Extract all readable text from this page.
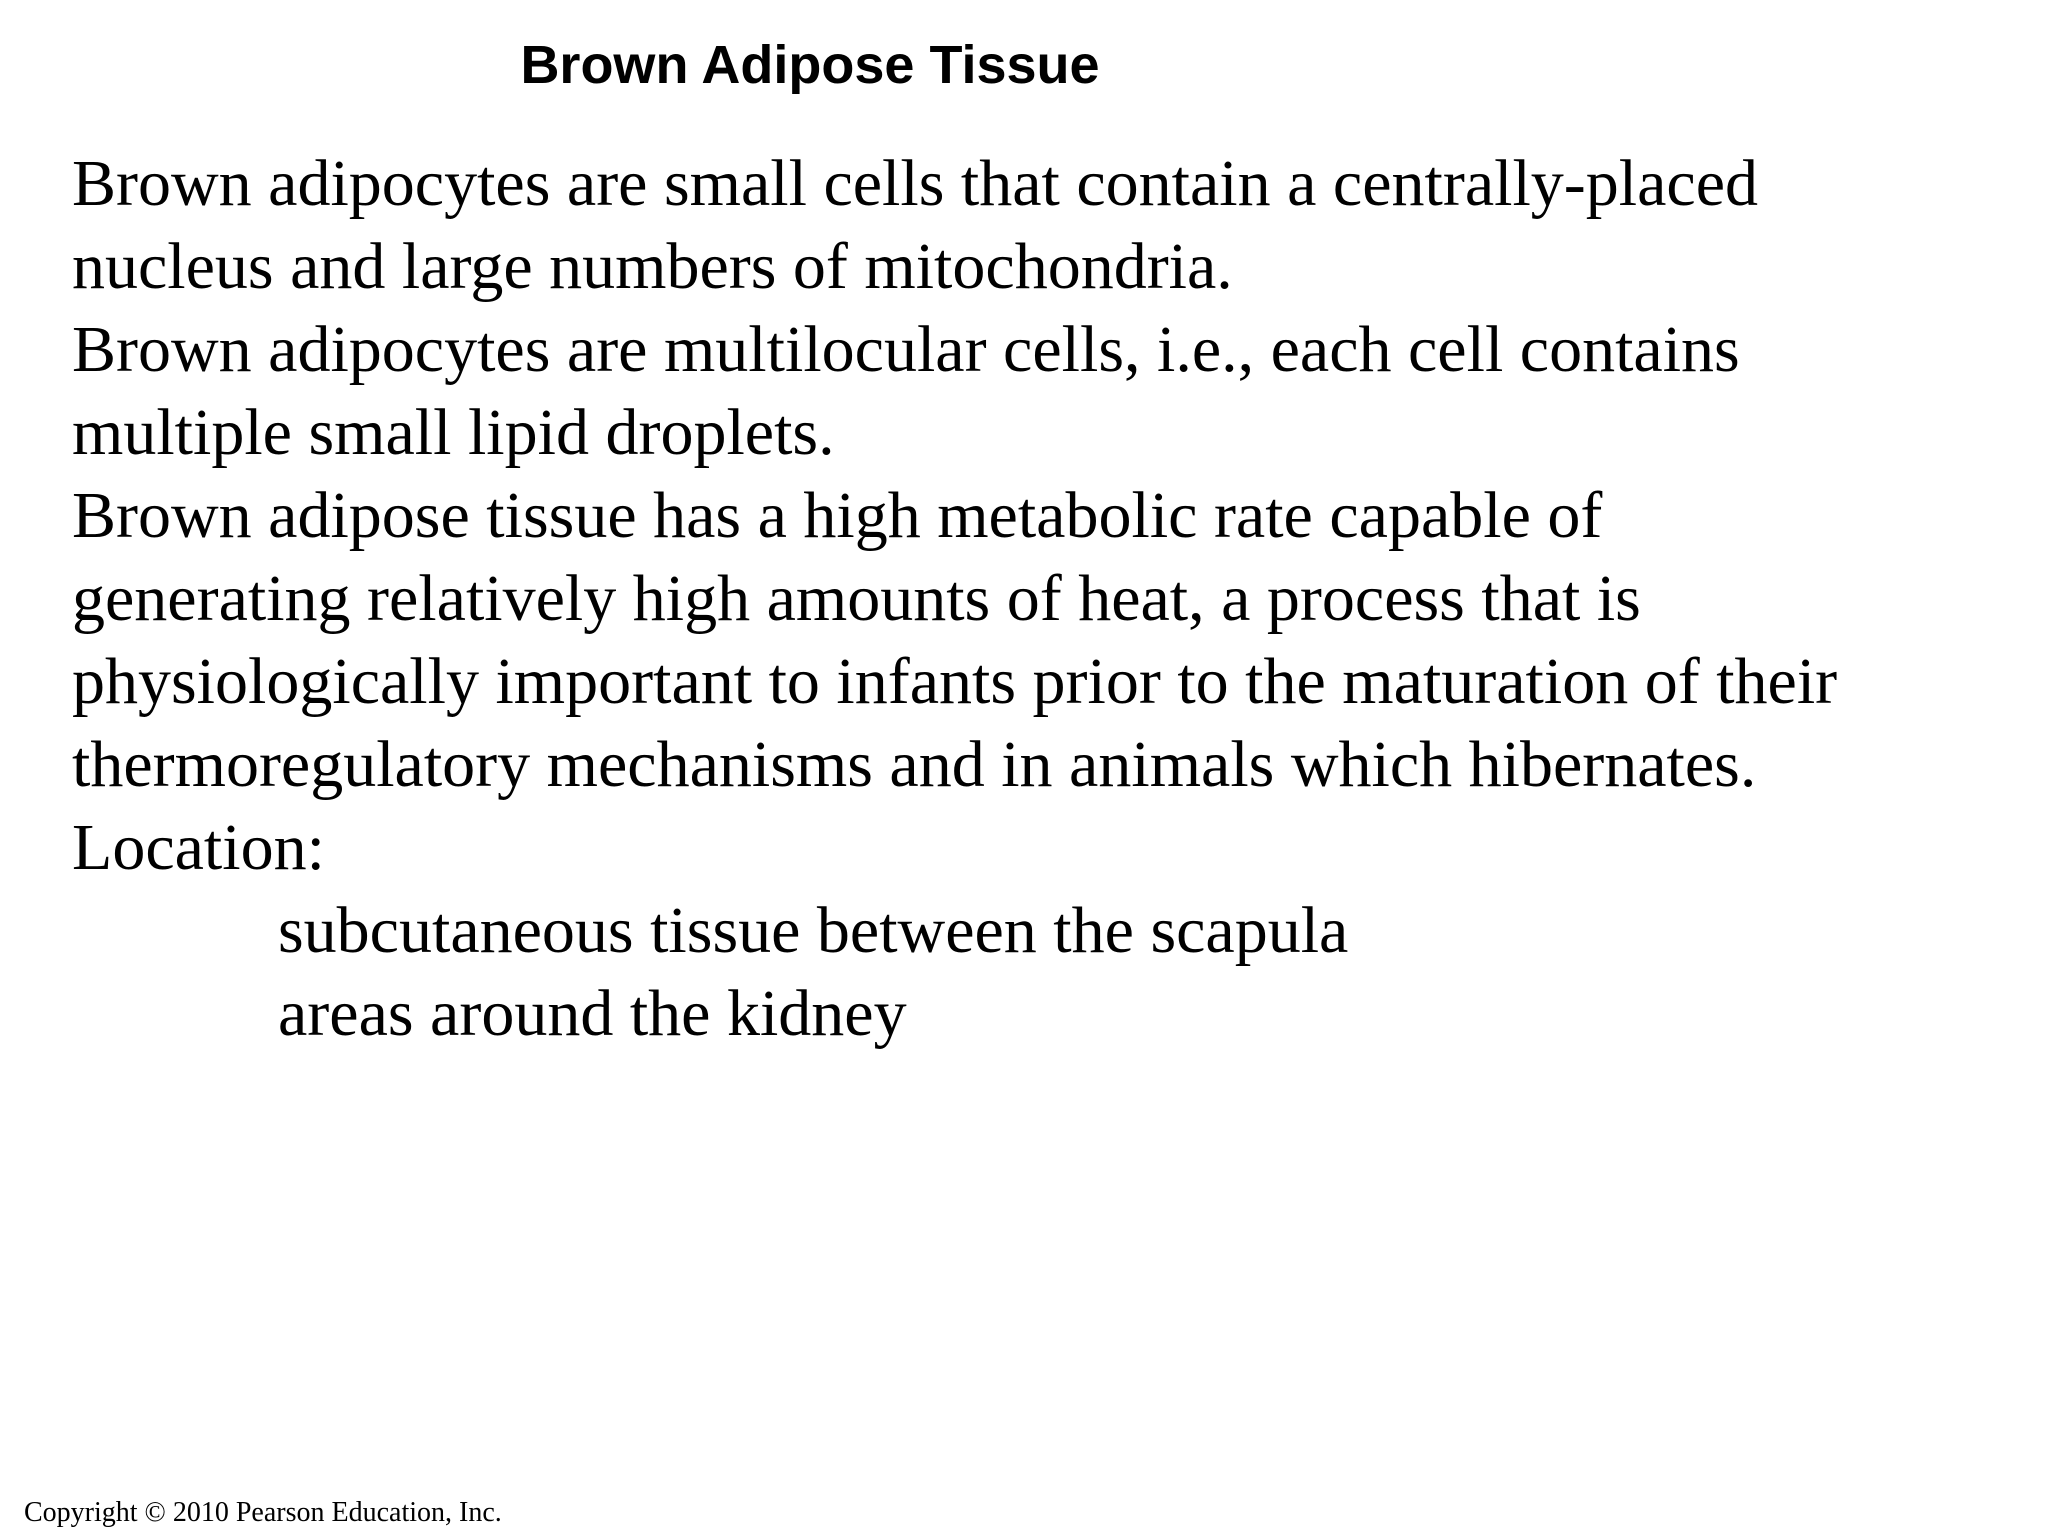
Brown Adipose Tissue
Brown adipocytes are small cells that contain a centrally-placed
nucleus and large numbers of mitochondria.
Brown adipocytes are multilocular cells, i.e., each cell contains
multiple small lipid droplets.
Brown adipose tissue has a high metabolic rate capable of
generating relatively high amounts of heat, a process that is
physiologically important to infants prior to the maturation of their
thermoregulatory mechanisms and in animals which hibernates.
Location:
subcutaneous tissue between the scapula
areas around the kidney
Copyright © 2010 Pearson Education, Inc.
